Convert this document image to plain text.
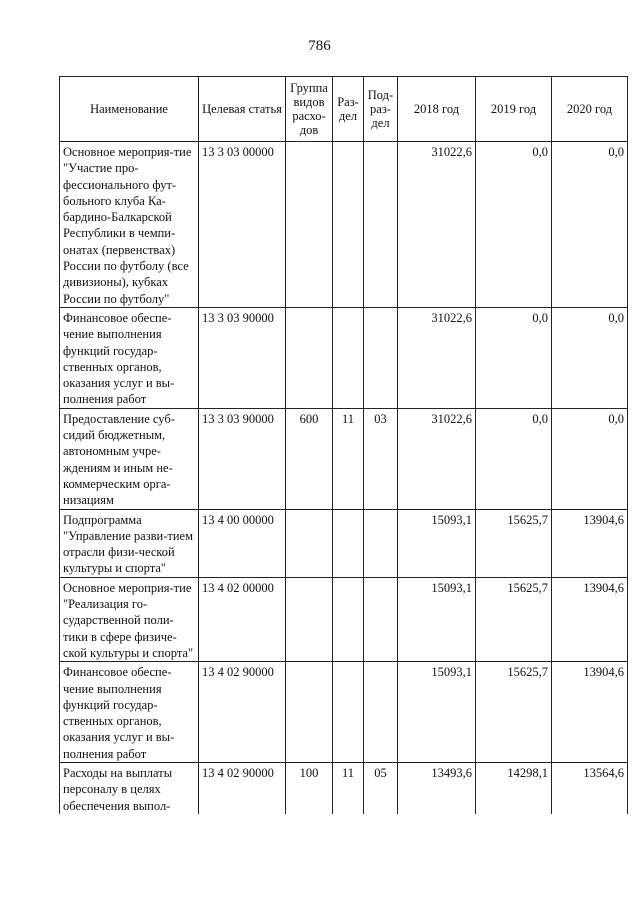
786
Наименование	Целевая статья	Группа видов расхо-дов	Раз-дел	Под-раз-дел	2018 год	2019 год	2020 год
Основное мероприя-тие "Участие про-фессионального фут-больного клуба Ка-бардино-Балкарской Республики в чемпи-онатах (первенствах) России по футболу (все дивизионы), кубках России по футболу"	13 3 03 00000				31022,6	0,0	0,0
Финансовое обеспе-чение выполнения функций государ-ственных органов, оказания услуг и вы-полнения работ	13 3 03 90000				31022,6	0,0	0,0
Предоставление суб-сидий бюджетным, автономным учре-ждениям и иным не-коммерческим орга-низациям	13 3 03 90000	600	11	03	31022,6	0,0	0,0
Подпрограмма "Управление разви-тием отрасли физи-ческой культуры и спорта"	13 4 00 00000				15093,1	15625,7	13904,6
Основное мероприя-тие "Реализация го-сударственной поли-тики в сфере физиче-ской культуры и спорта"	13 4 02 00000				15093,1	15625,7	13904,6
Финансовое обеспе-чение выполнения функций государ-ственных органов, оказания услуг и вы-полнения работ	13 4 02 90000				15093,1	15625,7	13904,6
Расходы на выплаты персоналу в целях обеспечения выпол-	13 4 02 90000	100	11	05	13493,6	14298,1	13564,6
